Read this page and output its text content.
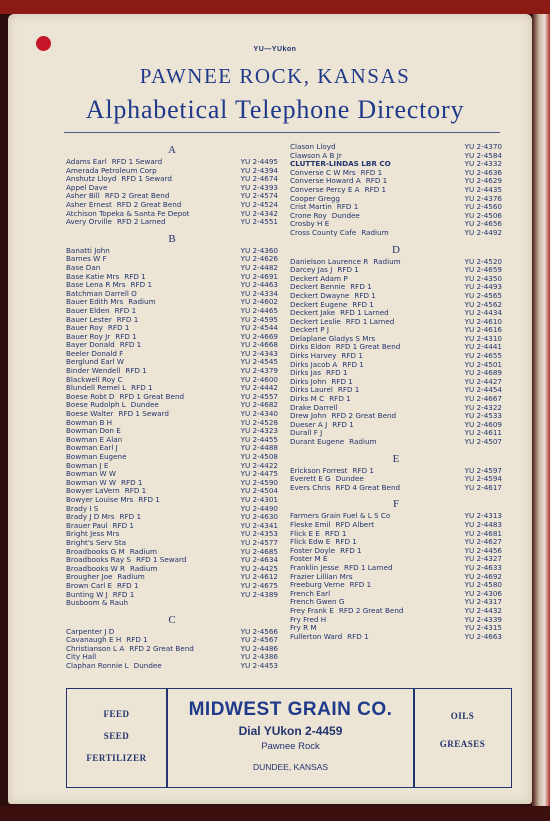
YU—YUkon
PAWNEE ROCK, KANSAS
Alphabetical Telephone Directory
A
Adams Earl RFD 1 Seward	YU 2-4495
Amerada Petroleum Corp	YU 2-4394
Anshutz Lloyd RFD 1 Seward	YU 2-4674
Appel Dave	YU 2-4393
Asher Bill RFD 2 Great Bend	YU 2-4574
Asher Ernest RFD 2 Great Bend	YU 2-4524
Atchison Topeka & Santa Fe Depot	YU 2-4342
Avery Orville RFD 2 Larned	YU 2-4551
B
Banatti John	YU 2-4360
Barnes W F	YU 2-4626
Base Dan	YU 2-4482
Base Katie Mrs RFD 1	YU 2-4691
Base Lena R Mrs RFD 1	YU 2-4463
Batchman Darrell O	YU 2-4334
Bauer Edith Mrs Radium	YU 2-4602
Bauer Elden RFD 1	YU 2-4465
Bauer Lester RFD 1	YU 2-4595
Bauer Roy RFD 1	YU 2-4544
Bauer Roy Jr RFD 1	YU 2-4669
Bayer Donald RFD 1	YU 2-4668
Beeler Donald F	YU 2-4343
Berglund Earl W	YU 2-4545
Binder Wendell RFD 1	YU 2-4379
Blackwell Roy C	YU 2-4600
Blundell Remel L RFD 1	YU 2-4442
Boese Robt D RFD 1 Great Bend	YU 2-4557
Boese Rudolph L Dundee	YU 2-4682
Boese Walter RFD 1 Seward	YU 2-4340
Bowman B H	YU 2-4528
Bowman Don E	YU 2-4323
Bowman E Alan	YU 2-4455
Bowman Earl J	YU 2-4488
Bowman Eugene	YU 2-4508
Bowman J E	YU 2-4422
Bowman W W	YU 2-4475
Bowman W W RFD 1	YU 2-4590
Bowyer LaVern RFD 1	YU 2-4504
Bowyer Louise Mrs RFD 1	YU 2-4301
Brady I S	YU 2-4490
Brady J D Mrs RFD 1	YU 2-4630
Brauer Paul RFD 1	YU 2-4341
Bright Jess Mrs	YU 2-4353
Bright's Serv Sta	YU 2-4577
Broadbooks G M Radium	YU 2-4685
Broadbooks Ray S RFD 1 Seward	YU 2-4634
Broadbooks W R Radium	YU 2-4425
Brougher Joe Radium	YU 2-4612
Brown Carl E RFD 1	YU 2-4675
Bunting W J RFD 1	YU 2-4389
Busboom & Rauh
C
Carpenter J D	YU 2-4566
Cavanaugh E H RFD 1	YU 2-4567
Christianson L A RFD 2 Great Bend	YU 2-4486
City Hall	YU 2-4386
Claphan Ronnie L Dundee	YU 2-4453
Clason Lloyd	YU 2-4370
Clawson A B Jr	YU 2-4584
CLUTTER-LINDAS LBR CO	YU 2-4332
Converse C W Mrs RFD 1	YU 2-4636
Converse Howard A RFD 1	YU 2-4629
Converse Percy E A RFD 1	YU 2-4435
Cooper Gregg	YU 2-4376
Crist Martin RFD 1	YU 2-4560
Crone Roy Dundee	YU 2-4506
Crosby H E	YU 2-4656
Cross County Cafe Radium	YU 2-4492
D
Danielson Laurence R Radium	YU 2-4520
Darcey Jas J RFD 1	YU 2-4659
Deckert Adam P	YU 2-4350
Deckert Bennie RFD 1	YU 2-4493
Deckert Dwayne RFD 1	YU 2-4565
Deckert Eugene RFD 1	YU 2-4562
Deckert Jake RFD 1 Larned	YU 2-4434
Deckert Leslie RFD 1 Larned	YU 2-4610
Deckert P J	YU 2-4616
Delaplane Gladys S Mrs	YU 2-4310
Dirks Eldon RFD 1 Great Bend	YU 2-4441
Dirks Harvey RFD 1	YU 2-4655
Dirks Jacob A RFD 1	YU 2-4501
Dirks Jas RFD 1	YU 2-4689
Dirks John RFD 1	YU 2-4427
Dirks Laurel RFD 1	YU 2-4454
Dirks M C RFD 1	YU 2-4667
Drake Darrell	YU 2-4322
Drew John RFD 2 Great Bend	YU 2-4533
Dueser A J RFD 1	YU 2-4609
Durall F J	YU 2-4611
Durant Eugene Radium	YU 2-4507
E
Erickson Forrest RFD 1	YU 2-4597
Everett E G Dundee	YU 2-4594
Evers Chris RFD 4 Great Bend	YU 2-4617
F
Farmers Grain Fuel & L S Co	YU 2-4313
Fleske Emil RFD Albert	YU 2-4483
Flick E E RFD 1	YU 2-4681
Flick Edw E RFD 1	YU 2-4627
Foster Doyle RFD 1	YU 2-4456
Foster M E	YU 2-4327
Franklin Jesse RFD 1 Larned	YU 2-4633
Frazier Lillian Mrs	YU 2-4692
Freeburg Verne RFD 1	YU 2-4580
French Earl	YU 2-4306
French Gwen G	YU 2-4317
Frey Frank E RFD 2 Great Bend	YU 2-4432
Fry Fred H	YU 2-4339
Fry R M	YU 2-4315
Fullerton Ward RFD 1	YU 2-4663
FEED
SEED
FERTILIZER
MIDWEST GRAIN CO.
Dial YUkon 2-4459
Pawnee Rock
DUNDEE, KANSAS
OILS
GREASES
